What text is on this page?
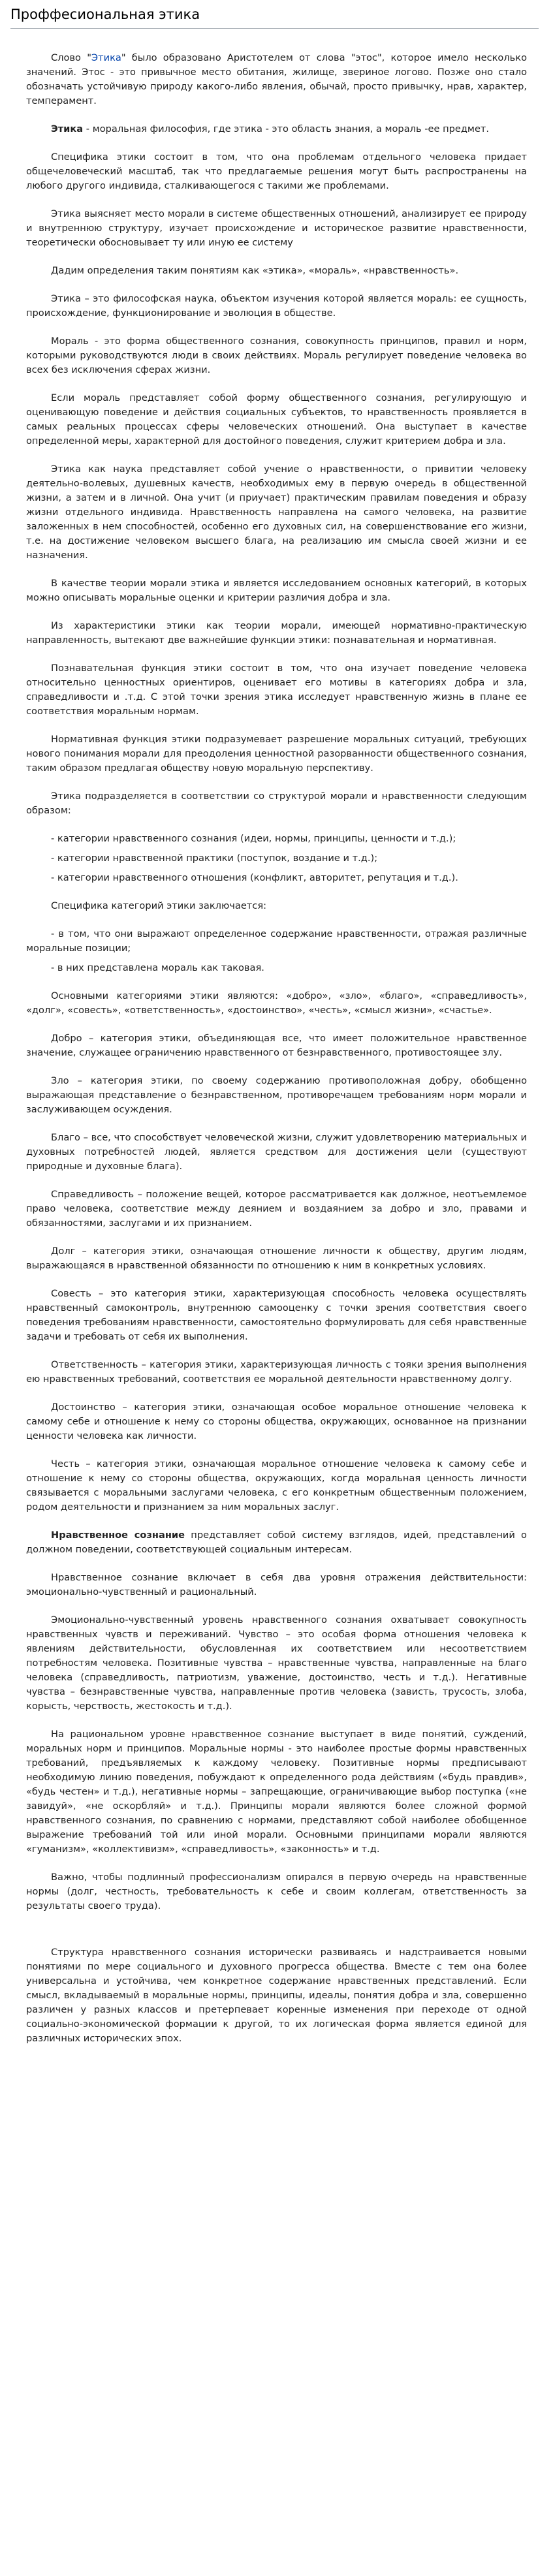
Проффесиональная этика

Слово "Этика" было образовано Аристотелем от слова "этос", которое имело несколько значений. Этос - это привычное место обитания, жилище, звериное логово. Позже оно стало обозначать устойчивую природу какого-либо явления, обычай, просто привычку, нрав, характер, темперамент.

Этика - моральная философия, где этика - это область знания, а мораль -ее предмет.

Специфика этики состоит в том, что она проблемам отдельного человека придает общечеловеческий масштаб, так что предлагаемые решения могут быть распространены на любого другого индивида, сталкивающегося с такими же проблемами.

Этика выясняет место морали в системе общественных отношений, анализирует ее природу и внутреннюю структуру, изучает происхождение и историческое развитие нравственности, теоретически обосновывает ту или иную ее систему

Дадим определения таким понятиям как «этика», «мораль», «нравственность».

Этика – это философская наука, объектом изучения которой является мораль: ее сущность, происхождение, функционирование и эволюция в обществе.

Мораль - это форма общественного сознания, совокупность принципов, правил и норм, которыми руководствуются люди в своих действиях. Мораль регулирует поведение человека во всех без исключения сферах жизни.

Если мораль представляет собой форму общественного сознания, регулирующую и оценивающую поведение и действия социальных субъектов, то нравственность проявляется в самых реальных процессах сферы человеческих отношений. Она выступает в качестве определенной меры, характерной для достойного поведения, служит критерием добра и зла.

Этика как наука представляет собой учение о нравственности, о привитии человеку деятельно-волевых, душевных качеств, необходимых ему в первую очередь в общественной жизни, а затем и в личной. Она учит (и приучает) практическим правилам поведения и образу жизни отдельного индивида. Нравственность направлена на самого человека, на развитие заложенных в нем способностей, особенно его духовных сил, на совершенствование его жизни, т.е. на достижение человеком высшего блага, на реализацию им смысла своей жизни и ее назначения.

В качестве теории морали этика и является исследованием основных категорий, в которых можно описывать моральные оценки и критерии различия добра и зла.

Из характеристики этики как теории морали, имеющей нормативно-практическую направленность, вытекают две важнейшие функции этики: познавательная и нормативная.

Познавательная функция этики состоит в том, что она изучает поведение человека относительно ценностных ориентиров, оценивает его мотивы в категориях добра и зла, справедливости и .т.д. С этой точки зрения этика исследует нравственную жизнь в плане ее соответствия моральным нормам.

Нормативная функция этики подразумевает разрешение моральных ситуаций, требующих нового понимания морали для преодоления ценностной разорванности общественного сознания, таким образом предлагая обществу новую моральную перспективу.

Этика подразделяется в соответствии со структурой морали и нравственности следующим образом:

- категории нравственного сознания (идеи, нормы, принципы, ценности и т.д.);

- категории нравственной практики (поступок, воздание и т.д.);

- категории нравственного отношения (конфликт, авторитет, репутация и т.д.).

Специфика категорий этики заключается:

- в том, что они выражают определенное содержание нравственности, отражая различные моральные позиции;

- в них представлена мораль как таковая.

Основными категориями этики являются: «добро», «зло», «благо», «справедливость», «долг», «совесть», «ответственность», «достоинство», «честь», «смысл жизни», «счастье».

Добро – категория этики, объединяющая все, что имеет положительное нравственное значение, служащее ограничению нравственного от безнравственного, противостоящее злу.

Зло – категория этики, по своему содержанию противоположная добру, обобщенно выражающая представление о безнравственном, противоречащем требованиям норм морали и заслуживающем осуждения.

Благо – все, что способствует человеческой жизни, служит удовлетворению материальных и духовных потребностей людей, является средством для достижения цели (существуют природные и духовные блага).

Справедливость – положение вещей, которое рассматривается как должное, неотъемлемое право человека, соответствие между деянием и воздаянием за добро и зло, правами и обязанностями, заслугами и их признанием.

Долг – категория этики, означающая отношение личности к обществу, другим людям, выражающаяся в нравственной обязанности по отношению к ним в конкретных условиях.

Совесть – это категория этики, характеризующая способность человека осуществлять нравственный самоконтроль, внутреннюю самооценку с точки зрения соответствия своего поведения требованиям нравственности, самостоятельно формулировать для себя нравственные задачи и требовать от себя их выполнения.

Ответственность – категория этики, характеризующая личность с тояки зрения выполнения ею нравственных требований, соответствия ее моральной деятельности нравственному долгу.

Достоинство – категория этики, означающая особое моральное отношение человека к самому себе и отношение к нему со стороны общества, окружающих, основанное на признании ценности человека как личности.

Честь – категория этики, означающая моральное отношение человека к самому себе и отношение к нему со стороны общества, окружающих, когда моральная ценность личности связывается с моральными заслугами человека, с его конкретным общественным положением, родом деятельности и признанием за ним моральных заслуг.

Нравственное сознание представляет собой систему взглядов, идей, представлений о должном поведении, соответствующей социальным интересам.

Нравственное сознание включает в себя два уровня отражения действительности: эмоционально-чувственный и рациональный.

Эмоционально-чувственный уровень нравственного сознания охватывает совокупность нравственных чувств и переживаний. Чувство – это особая форма отношения человека к явлениям действительности, обусловленная их соответствием или несоответствием потребностям человека. Позитивные чувства – нравственные чувства, направленные на благо человека (справедливость, патриотизм, уважение, достоинство, честь и т.д.). Негативные чувства – безнравственные чувства, направленные против человека (зависть, трусость, злоба, корысть, черствость, жестокость и т.д.).

На рациональном уровне нравственное сознание выступает в виде понятий, суждений, моральных норм и принципов. Моральные нормы - это наиболее простые формы нравственных требований, предъявляемых к каждому человеку. Позитивные нормы предписывают необходимую линию поведения, побуждают к определенного рода действиям («будь правдив», «будь честен» и т.д.), негативные нормы – запрещающие, ограничивающие выбор поступка («не завидуй», «не оскорбляй» и т.д.). Принципы морали являются более сложной формой нравственного сознания, по сравнению с нормами, представляют собой наиболее обобщенное выражение требований той или иной морали. Основными принципами морали являются «гуманизм», «коллективизм», «справедливость», «законность» и т.д.

Важно, чтобы подлинный профессионализм опирался в первую очередь на нравственные нормы (долг, честность, требовательность к себе и своим коллегам, ответственность за результаты своего труда).

Структура нравственного сознания исторически развиваясь и надстраивается новыми понятиями по мере социального и духовного прогресса общества. Вместе с тем она более универсальна и устойчива, чем конкретное содержание нравственных представлений. Если смысл, вкладываемый в моральные нормы, принципы, идеалы, понятия добра и зла, совершенно различен у разных классов и претерпевает коренные изменения при переходе от одной социально-экономической формации к другой, то их логическая форма является единой для различных исторических эпох.
